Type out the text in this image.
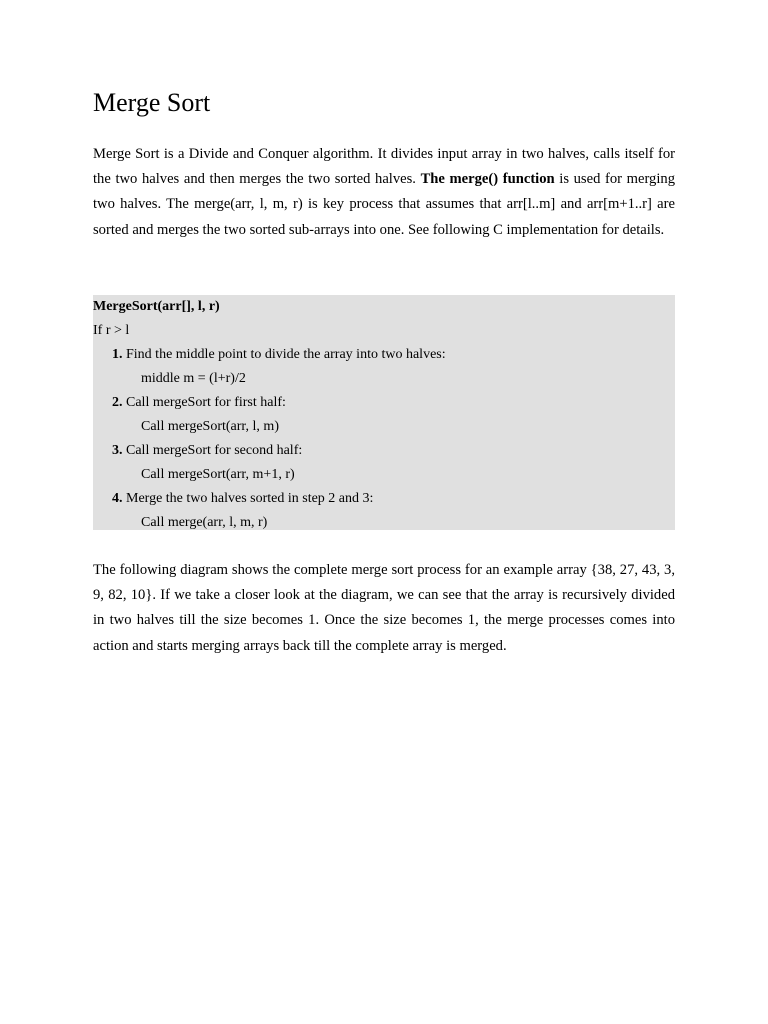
Merge Sort

Merge Sort is a Divide and Conquer algorithm. It divides input array in two halves, calls itself for the two halves and then merges the two sorted halves. The merge() function is used for merging two halves. The merge(arr, l, m, r) is key process that assumes that arr[l..m] and arr[m+1..r] are sorted and merges the two sorted sub-arrays into one. See following C implementation for details.

MergeSort(arr[], l, r)
If r > l
1. Find the middle point to divide the array into two halves:
middle m = (l+r)/2
2. Call mergeSort for first half:
Call mergeSort(arr, l, m)
3. Call mergeSort for second half:
Call mergeSort(arr, m+1, r)
4. Merge the two halves sorted in step 2 and 3:
Call merge(arr, l, m, r)

The following diagram shows the complete merge sort process for an example array {38, 27, 43, 3, 9, 82, 10}. If we take a closer look at the diagram, we can see that the array is recursively divided in two halves till the size becomes 1. Once the size becomes 1, the merge processes comes into action and starts merging arrays back till the complete array is merged.
